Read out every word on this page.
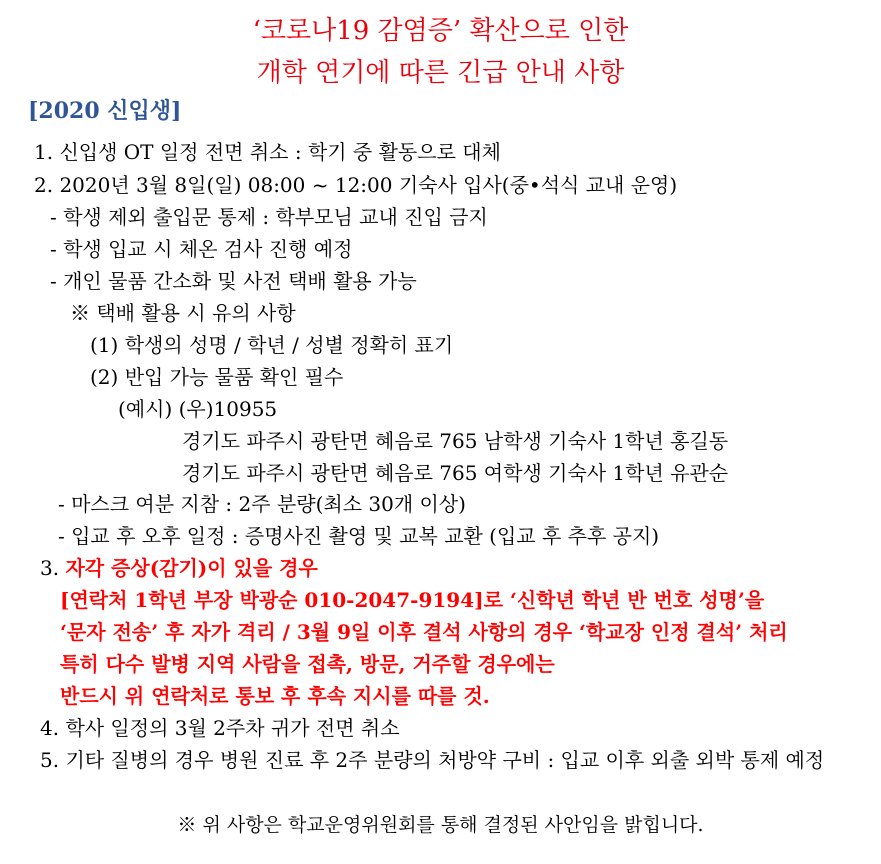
‘코로나19 감염증’ 확산으로 인한
개학 연기에 따른 긴급 안내 사항
[2020 신입생]
1. 신입생 OT 일정 전면 취소 : 학기 중 활동으로 대체
2. 2020년 3월 8일(일) 08:00 ~ 12:00 기숙사 입사(중•석식 교내 운영)
- 학생 제외 출입문 통제 : 학부모님 교내 진입 금지
- 학생 입교 시 체온 검사 진행 예정
- 개인 물품 간소화 및 사전 택배 활용 가능
※ 택배 활용 시 유의 사항
(1) 학생의 성명 / 학년 / 성별 정확히 표기
(2) 반입 가능 물품 확인 필수
(예시) (우)10955
경기도 파주시 광탄면 혜음로 765 남학생 기숙사 1학년 홍길동
경기도 파주시 광탄면 혜음로 765 여학생 기숙사 1학년 유관순
- 마스크 여분 지참 : 2주 분량(최소 30개 이상)
- 입교 후 오후 일정 : 증명사진 촬영 및 교복 교환 (입교 후 추후 공지)
3. 자각 증상(감기)이 있을 경우
[연락처 1학년 부장 박광순 010-2047-9194]로 ‘신학년 학년 반 번호 성명’을
‘문자 전송’ 후 자가 격리 / 3월 9일 이후 결석 사항의 경우 ‘학교장 인정 결석’ 처리
특히 다수 발병 지역 사람을 접촉, 방문, 거주할 경우에는
반드시 위 연락처로 통보 후 후속 지시를 따를 것.
4. 학사 일정의 3월 2주차 귀가 전면 취소
5. 기타 질병의 경우 병원 진료 후 2주 분량의 처방약 구비 : 입교 이후 외출 외박 통제 예정
※ 위 사항은 학교운영위원회를 통해 결정된 사안임을 밝힙니다.
